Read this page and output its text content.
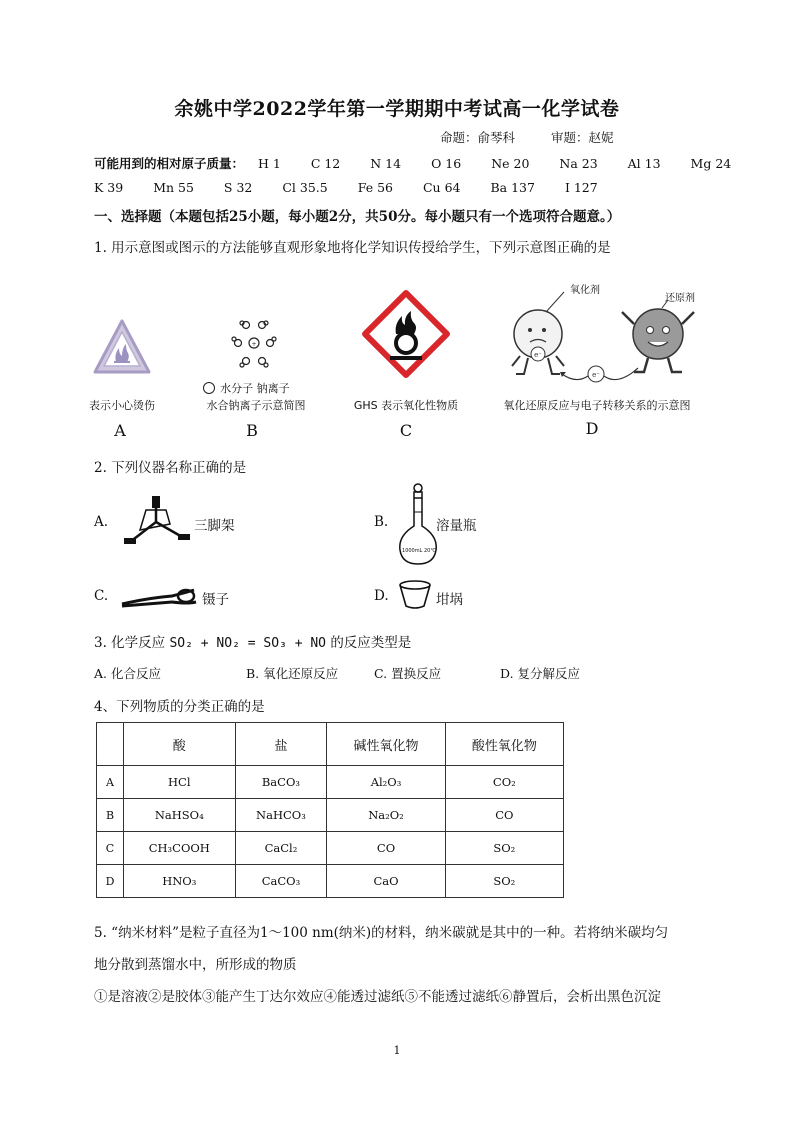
余姚中学2022学年第一学期期中考试高一化学试卷
命题：俞琴科	审题：赵妮
可能用到的相对原子质量： H 1 C 12 N 14 O 16 Ne 20 Na 23 Al 13 Mg 24
K 39 Mn 55 S 32 Cl 35.5 Fe 56 Cu 64 Ba 137 I 127
一、选择题（本题包括25小题，每小题2分，共50分。每小题只有一个选项符合题意。）
1. 用示意图或图示的方法能够直观形象地将化学知识传授给学生，下列示意图正确的是
表示小心烫伤
A
+
水分子 钠离子
水合钠离子示意简图
B
GHS 表示氧化性物质
C
e⁻
e⁻
氧化剂
还原剂
氧化还原反应与电子转移关系的示意图
D
2. 下列仪器名称正确的是
A.	三脚架	B.
1000mL 20℃
溶量瓶
C.	镊子	D.	坩埚
3. 化学反应 SO₂ + NO₂ = SO₃ + NO 的反应类型是
A. 化合反应	B. 氧化还原反应	C. 置换反应	D. 复分解反应
4、下列物质的分类正确的是
	酸	盐	碱性氧化物	酸性氧化物
A	HCl	BaCO₃	Al₂O₃	CO₂
B	NaHSO₄	NaHCO₃	Na₂O₂	CO
C	CH₃COOH	CaCl₂	CO	SO₂
D	HNO₃	CaCO₃	CaO	SO₂
5. “纳米材料”是粒子直径为1～100 nm(纳米)的材料，纳米碳就是其中的一种。若将纳米碳均匀
地分散到蒸馏水中，所形成的物质
①是溶液②是胶体③能产生丁达尔效应④能透过滤纸⑤不能透过滤纸⑥静置后，会析出黑色沉淀
1
